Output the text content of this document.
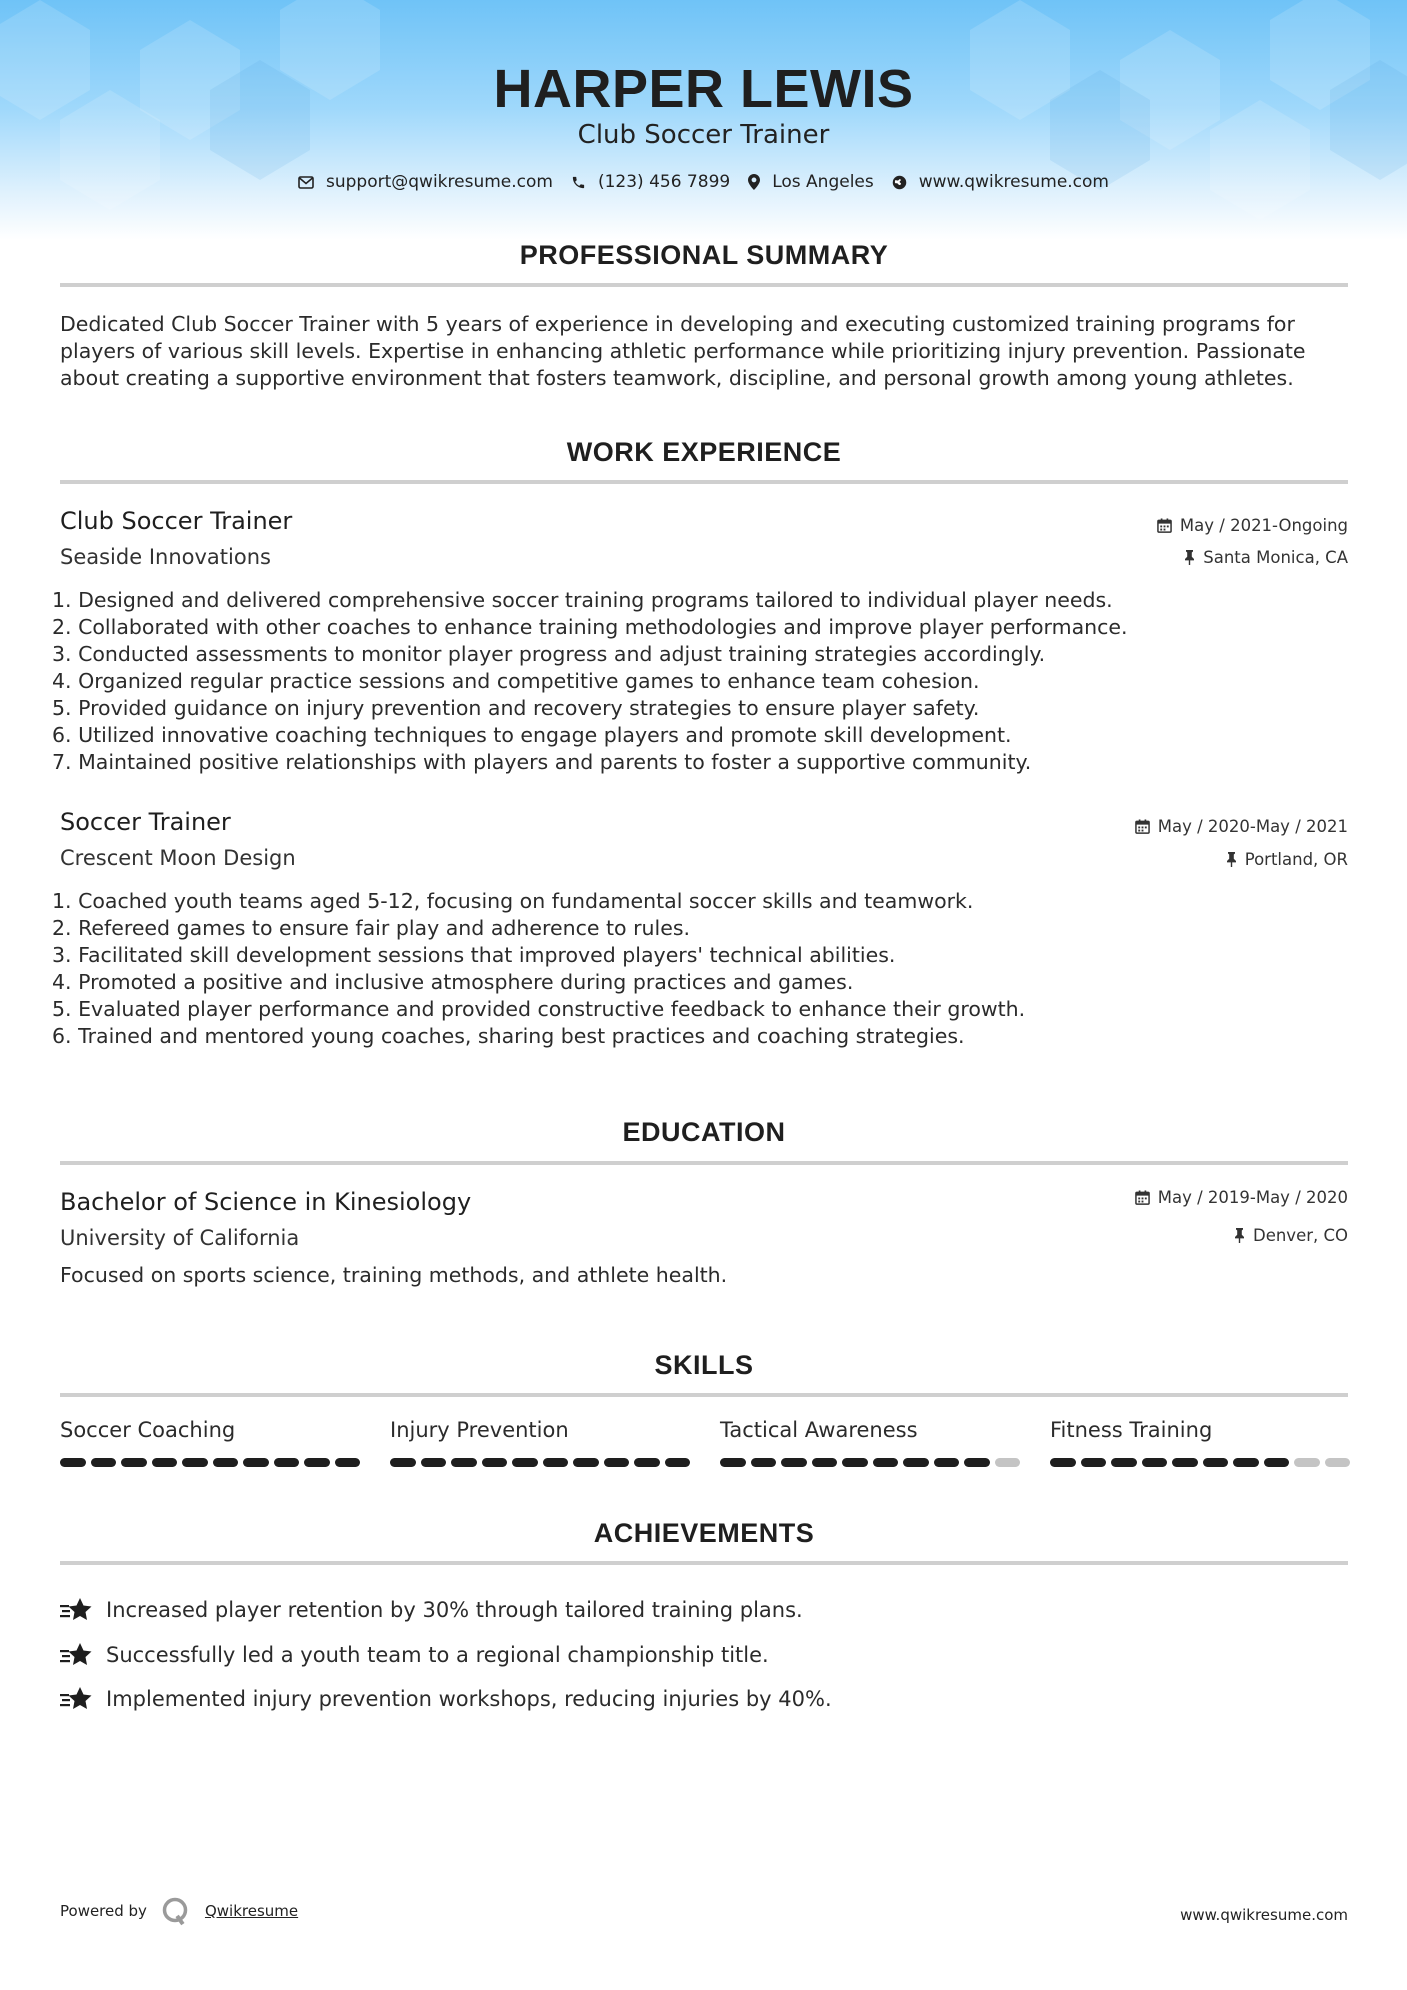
HARPER LEWIS
Club Soccer Trainer
support@qwikresume.com	(123) 456 7899 Los Angeles	www.qwikresume.com
PROFESSIONAL SUMMARY
Dedicated Club Soccer Trainer with 5 years of experience in developing and executing customized training programs for players of various skill levels. Expertise in enhancing athletic performance while prioritizing injury prevention. Passionate about creating a supportive environment that fosters teamwork, discipline, and personal growth among young athletes.
WORK EXPERIENCE
Club Soccer Trainer	May / 2021-Ongoing
Seaside Innovations	Santa Monica, CA
1. Designed and delivered comprehensive soccer training programs tailored to individual player needs.
2. Collaborated with other coaches to enhance training methodologies and improve player performance.
3. Conducted assessments to monitor player progress and adjust training strategies accordingly.
4. Organized regular practice sessions and competitive games to enhance team cohesion.
5. Provided guidance on injury prevention and recovery strategies to ensure player safety.
6. Utilized innovative coaching techniques to engage players and promote skill development.
7. Maintained positive relationships with players and parents to foster a supportive community.
Soccer Trainer	May / 2020-May / 2021
Crescent Moon Design	Portland, OR
1. Coached youth teams aged 5-12, focusing on fundamental soccer skills and teamwork.
2. Refereed games to ensure fair play and adherence to rules.
3. Facilitated skill development sessions that improved players' technical abilities.
4. Promoted a positive and inclusive atmosphere during practices and games.
5. Evaluated player performance and provided constructive feedback to enhance their growth.
6. Trained and mentored young coaches, sharing best practices and coaching strategies.
EDUCATION
Bachelor of Science in Kinesiology	May / 2019-May / 2020
University of California	Denver, CO
Focused on sports science, training methods, and athlete health.
SKILLS
Soccer Coaching	Injury Prevention	Tactical Awareness	Fitness Training
ACHIEVEMENTS
Increased player retention by 30% through tailored training plans.
Successfully led a youth team to a regional championship title.
Implemented injury prevention workshops, reducing injuries by 40%.
Powered by	Qwikresume	www.qwikresume.com
